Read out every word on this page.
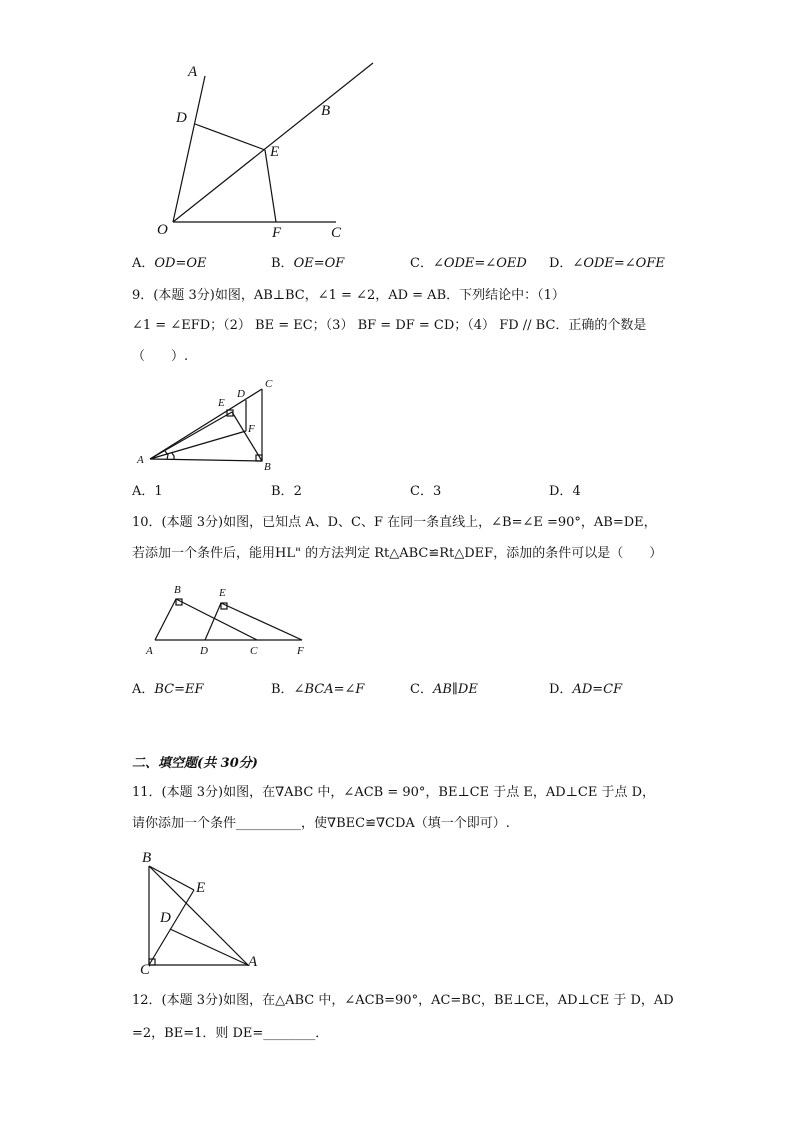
A
D	B
E
O	F	C
A．OD=OE	B．OE=OF	C．∠ODE=∠OED D．∠ODE=∠OFE
9．(本题 3分)如图，AB⊥BC，∠1 = ∠2，AD = AB．下列结论中：（1）
∠1 = ∠EFD；（2） BE = EC；（3） BF = DF = CD；（4） FD // BC．正确的个数是
（　　）.
A
B
C
D
E
F
A．1	B．2	C．3	D．4
10．(本题 3分)如图，已知点 A、D、C、F 在同一条直线上，∠B=∠E =90°，AB=DE，
若添加一个条件后，能用HL" 的方法判定 Rt△ABC≌Rt△DEF，添加的条件可以是（　　）
B	E
A	D	C	F
A．BC=EF	B．∠BCA=∠F	C．AB∥DE	D．AD=CF
二、填空题(共 30分)
11．(本题 3分)如图，在∇ABC 中，∠ACB = 90°，BE⊥CE 于点 E，AD⊥CE 于点 D，
请你添加一个条件__________，使∇BEC≌∇CDA（填一个即可）.
B
E
D
C	A
12．(本题 3分)如图，在△ABC 中，∠ACB=90°，AC=BC，BE⊥CE，AD⊥CE 于 D，AD
=2，BE=1．则 DE=________．
